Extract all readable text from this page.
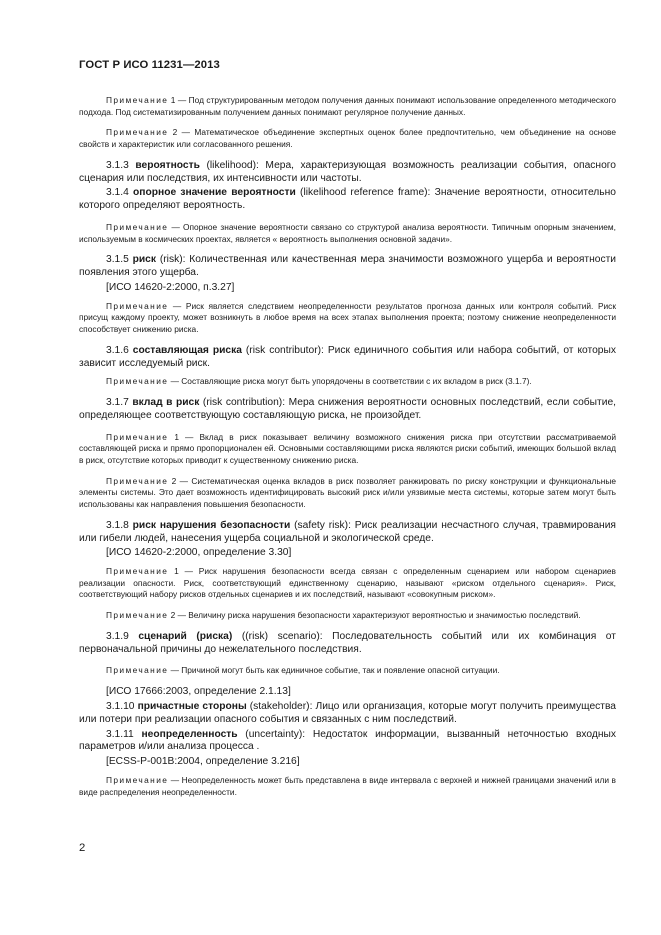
ГОСТ Р ИСО 11231—2013

Примечание 1 — Под структурированным методом получения данных понимают использование определенного методического подхода. Под систематизированным получением данных понимают регулярное получение данных.

Примечание 2 — Математическое объединение экспертных оценок более предпочтительно, чем объединение на основе свойств и характеристик или согласованного решения.

3.1.3 вероятность (likelihood): Мера, характеризующая возможность реализации события, опасного сценария или последствия, их интенсивности или частоты.

3.1.4 опорное значение вероятности (likelihood reference frame): Значение вероятности, относительно которого определяют вероятность.

Примечание — Опорное значение вероятности связано со структурой анализа вероятности. Типичным опорным значением, используемым в космических проектах, является « вероятность выполнения основной задачи».

3.1.5 риск (risk): Количественная или качественная мера значимости возможного ущерба и вероятности появления этого ущерба.

[ИСО 14620-2:2000, п.3.27]

Примечание — Риск является следствием неопределенности результатов прогноза данных или контроля событий. Риск присущ каждому проекту, может возникнуть в любое время на всех этапах выполнения проекта; поэтому снижение неопределенности способствует снижению риска.

3.1.6 составляющая риска (risk contributor): Риск единичного события или набора событий, от которых зависит исследуемый риск.

Примечание — Составляющие риска могут быть упорядочены в соответствии с их вкладом в риск (3.1.7).

3.1.7 вклад в риск (risk contribution): Мера снижения вероятности основных последствий, если событие, определяющее соответствующую составляющую риска, не произойдет.

Примечание 1 — Вклад в риск показывает величину возможного снижения риска при отсутствии рассматриваемой составляющей риска и прямо пропорционален ей. Основными составляющими риска являются риски событий, имеющих большой вклад в риск, отсутствие которых приводит к существенному снижению риска.

Примечание 2 — Систематическая оценка вкладов в риск позволяет ранжировать по риску конструкции и функциональные элементы системы. Это дает возможность идентифицировать высокий риск и/или уязвимые места системы, которые затем могут быть использованы как направления повышения безопасности.

3.1.8 риск нарушения безопасности (safety risk): Риск реализации несчастного случая, травмирования или гибели людей, нанесения ущерба социальной и экологической среде.

[ИСО 14620-2:2000, определение 3.30]

Примечание 1 — Риск нарушения безопасности всегда связан с определенным сценарием или набором сценариев реализации опасности. Риск, соответствующий единственному сценарию, называют «риском отдельного сценария». Риск, соответствующий набору рисков отдельных сценариев и их последствий, называют «совокупным риском».

Примечание 2 — Величину риска нарушения безопасности характеризуют вероятностью и значимостью последствий.

3.1.9 сценарий (риска) ((risk) scenario): Последовательность событий или их комбинация от первоначальной причины до нежелательного последствия.

Примечание — Причиной могут быть как единичное событие, так и появление опасной ситуации.

[ИСО 17666:2003, определение 2.1.13]

3.1.10 причастные стороны (stakeholder): Лицо или организация, которые могут получить преимущества или потери при реализации опасного события и связанных с ним последствий.

3.1.11 неопределенность (uncertainty): Недостаток информации, вызванный неточностью входных параметров и/или анализа процесса .

[ECSS-P-001B:2004, определение 3.216]

Примечание — Неопределенность может быть представлена в виде интервала с верхней и нижней границами значений или в виде распределения неопределенности.

2
